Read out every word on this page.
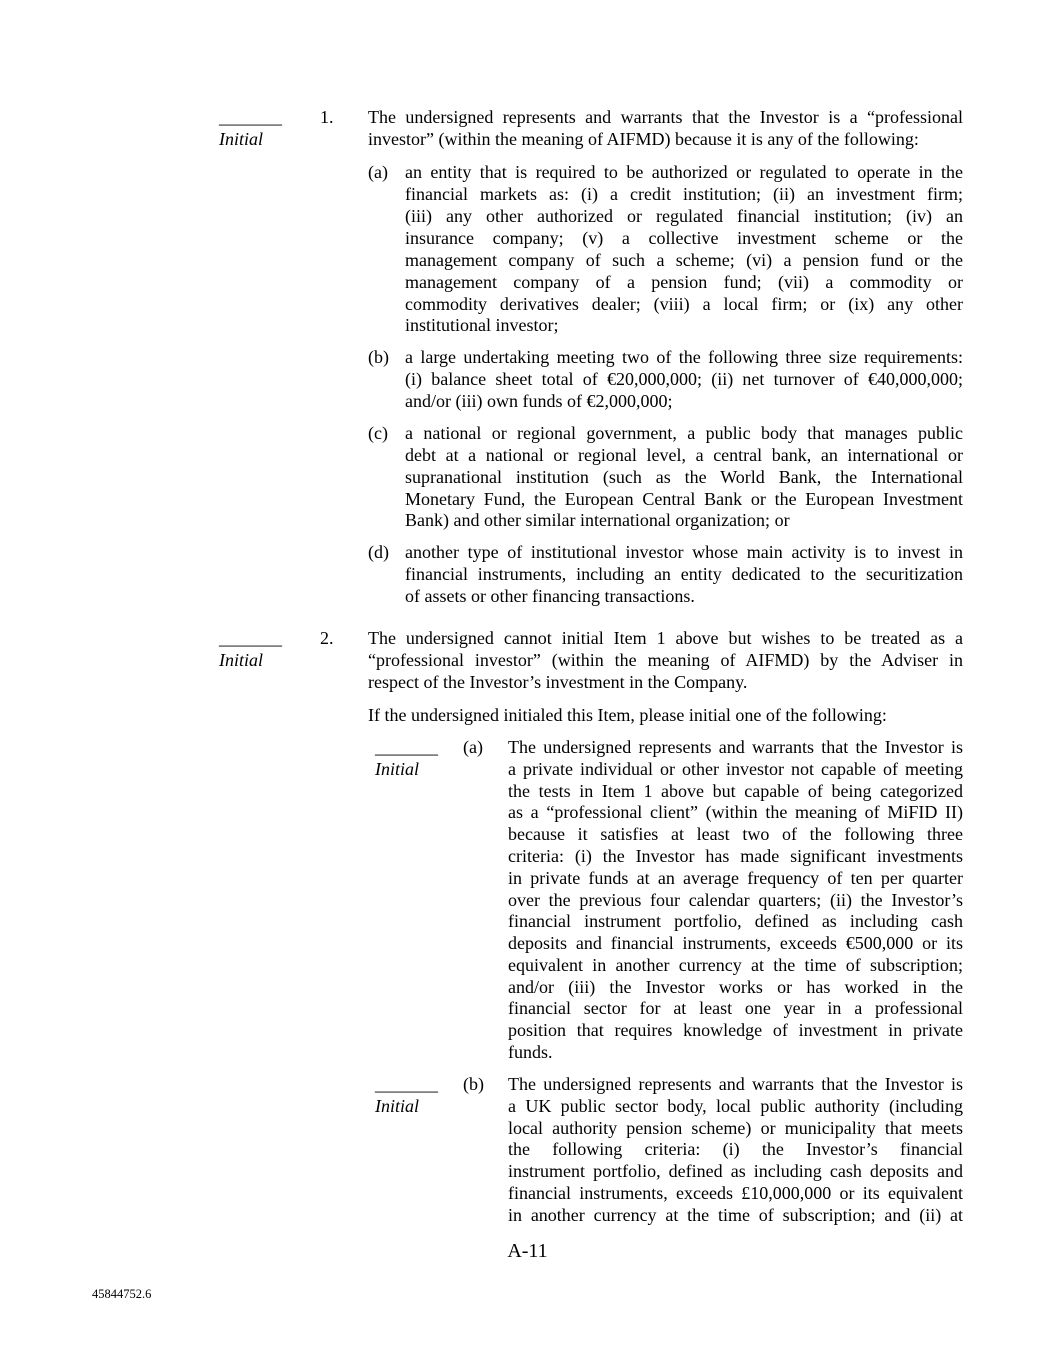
_______
Initial
1. The undersigned represents and warrants that the Investor is a “professional
investor” (within the meaning of AIFMD) because it is any of the following:
(a) an entity that is required to be authorized or regulated to operate in the
financial markets as: (i) a credit institution; (ii) an investment firm;
(iii) any other authorized or regulated financial institution; (iv) an
insurance company; (v) a collective investment scheme or the
management company of such a scheme; (vi) a pension fund or the
management company of a pension fund; (vii) a commodity or
commodity derivatives dealer; (viii) a local firm; or (ix) any other
institutional investor;
(b) a large undertaking meeting two of the following three size requirements:
(i) balance sheet total of €20,000,000; (ii) net turnover of €40,000,000;
and/or (iii) own funds of €2,000,000;
(c) a national or regional government, a public body that manages public
debt at a national or regional level, a central bank, an international or
supranational institution (such as the World Bank, the International
Monetary Fund, the European Central Bank or the European Investment
Bank) and other similar international organization; or
(d) another type of institutional investor whose main activity is to invest in
financial instruments, including an entity dedicated to the securitization
of assets or other financing transactions.
_______
Initial
2. The undersigned cannot initial Item 1 above but wishes to be treated as a
“professional investor” (within the meaning of AIFMD) by the Adviser in
respect of the Investor’s investment in the Company.
If the undersigned initialed this Item, please initial one of the following:
_______
Initial
(a) The undersigned represents and warrants that the Investor is
a private individual or other investor not capable of meeting
the tests in Item 1 above but capable of being categorized
as a “professional client” (within the meaning of MiFID II)
because it satisfies at least two of the following three
criteria: (i) the Investor has made significant investments
in private funds at an average frequency of ten per quarter
over the previous four calendar quarters; (ii) the Investor’s
financial instrument portfolio, defined as including cash
deposits and financial instruments, exceeds €500,000 or its
equivalent in another currency at the time of subscription;
and/or (iii) the Investor works or has worked in the
financial sector for at least one year in a professional
position that requires knowledge of investment in private
funds.
_______
Initial
(b) The undersigned represents and warrants that the Investor is
a UK public sector body, local public authority (including
local authority pension scheme) or municipality that meets
the following criteria: (i) the Investor’s financial
instrument portfolio, defined as including cash deposits and
financial instruments, exceeds £10,000,000 or its equivalent
in another currency at the time of subscription; and (ii) at
A-11
45844752.6
